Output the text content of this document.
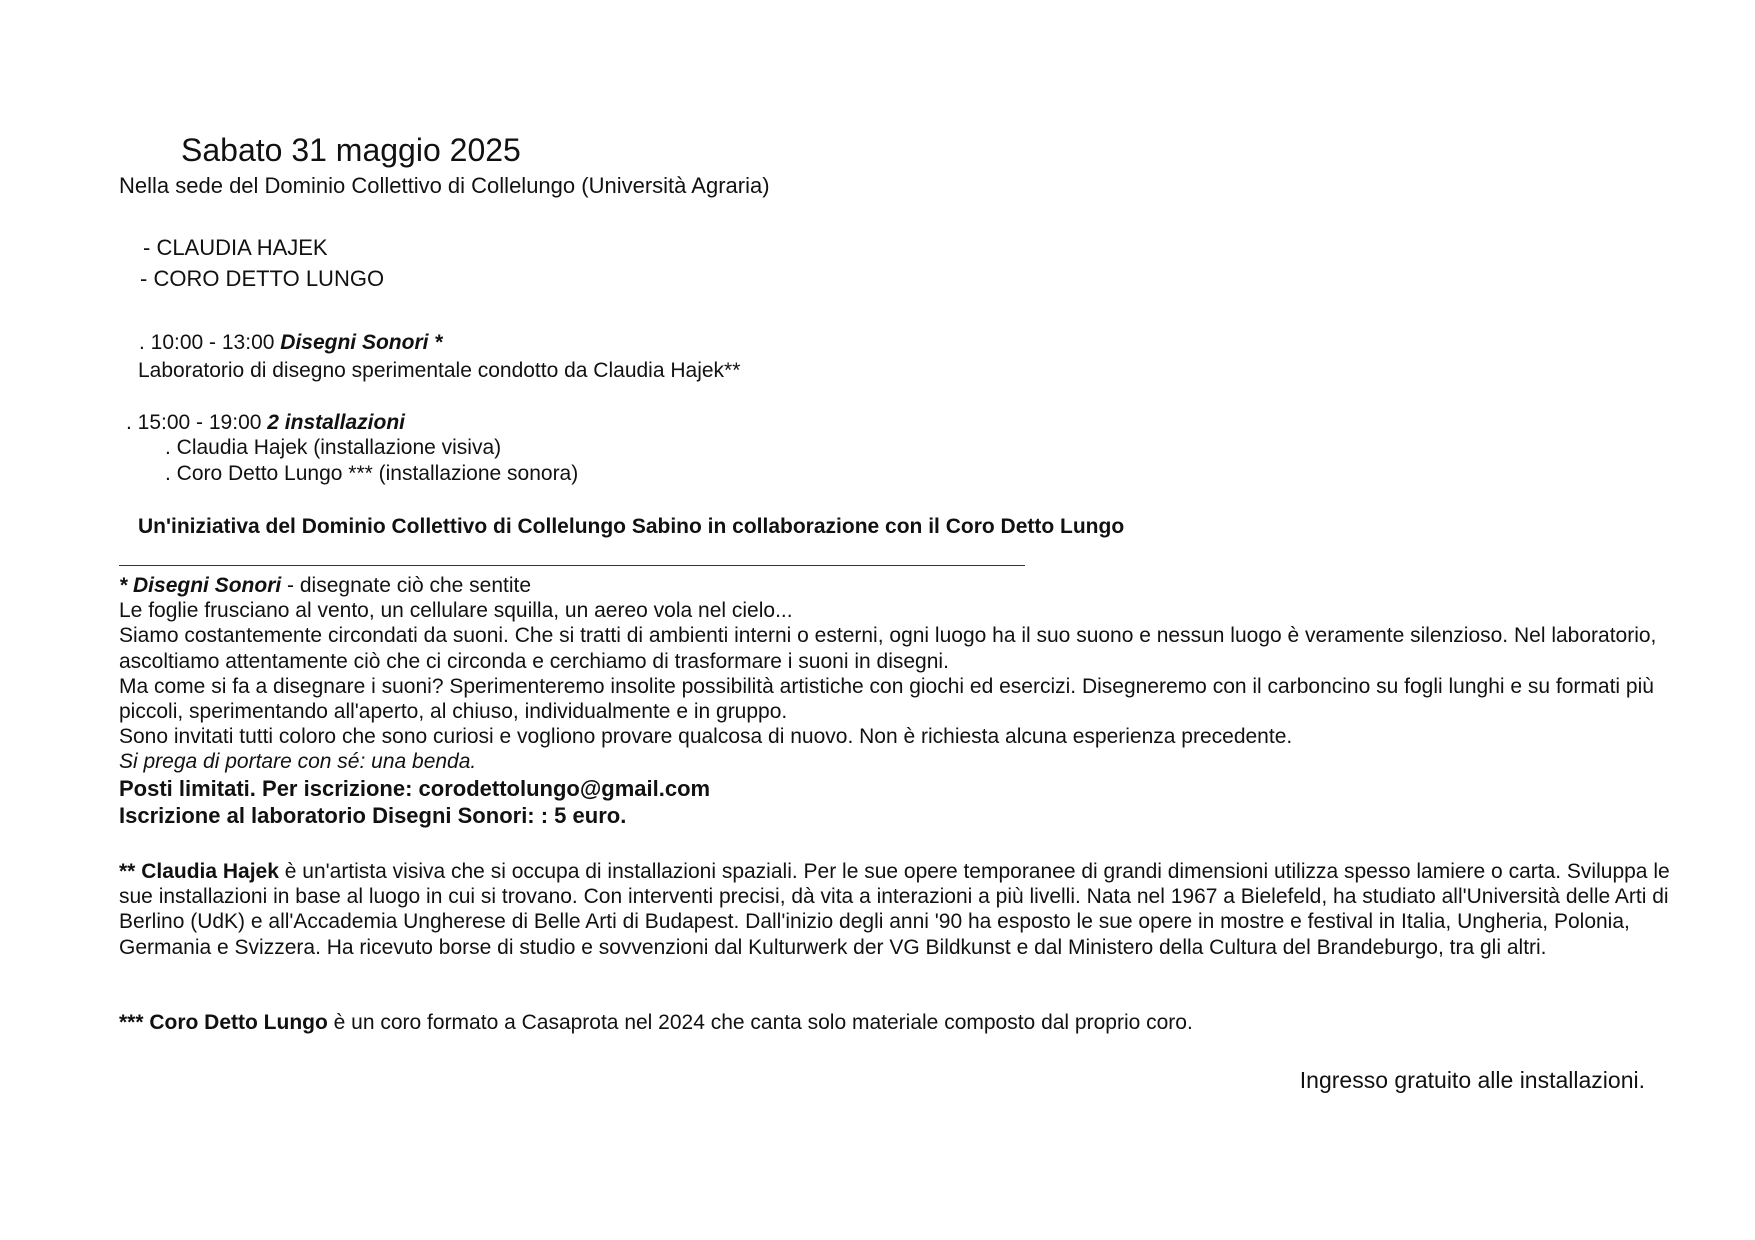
Sabato 31 maggio 2025
Nella sede del Dominio Collettivo di Collelungo (Università Agraria)
- CLAUDIA HAJEK
- CORO DETTO LUNGO
. 10:00 - 13:00 Disegni Sonori *
Laboratorio di disegno sperimentale condotto da Claudia Hajek**
. 15:00 - 19:00 2 installazioni
. Claudia Hajek (installazione visiva)
. Coro Detto Lungo *** (installazione sonora)
Un'iniziativa del Dominio Collettivo di Collelungo Sabino in collaborazione con il Coro Detto Lungo

* Disegni Sonori - disegnate ciò che sentite

Le foglie frusciano al vento, un cellulare squilla, un aereo vola nel cielo...

Siamo costantemente circondati da suoni. Che si tratti di ambienti interni o esterni, ogni luogo ha il suo suono e nessun luogo è veramente silenzioso. Nel laboratorio, ascoltiamo attentamente ciò che ci circonda e cerchiamo di trasformare i suoni in disegni.

Ma come si fa a disegnare i suoni? Sperimenteremo insolite possibilità artistiche con giochi ed esercizi. Disegneremo con il carboncino su fogli lunghi e su formati più piccoli, sperimentando all'aperto, al chiuso, individualmente e in gruppo.

Sono invitati tutti coloro che sono curiosi e vogliono provare qualcosa di nuovo. Non è richiesta alcuna esperienza precedente.

Si prega di portare con sé: una benda.

Posti limitati. Per iscrizione: corodettolungo@gmail.com

Iscrizione al laboratorio Disegni Sonori: : 5 euro.

** Claudia Hajek è un'artista visiva che si occupa di installazioni spaziali. Per le sue opere temporanee di grandi dimensioni utilizza spesso lamiere o carta. Sviluppa le sue installazioni in base al luogo in cui si trovano. Con interventi precisi, dà vita a interazioni a più livelli. Nata nel 1967 a Bielefeld, ha studiato all'Università delle Arti di Berlino (UdK) e all'Accademia Ungherese di Belle Arti di Budapest. Dall'inizio degli anni '90 ha esposto le sue opere in mostre e festival in Italia, Ungheria, Polonia, Germania e Svizzera. Ha ricevuto borse di studio e sovvenzioni dal Kulturwerk der VG Bildkunst e dal Ministero della Cultura del Brandeburgo, tra gli altri.

*** Coro Detto Lungo è un coro formato a Casaprota nel 2024 che canta solo materiale composto dal proprio coro.

Ingresso gratuito alle installazioni.
